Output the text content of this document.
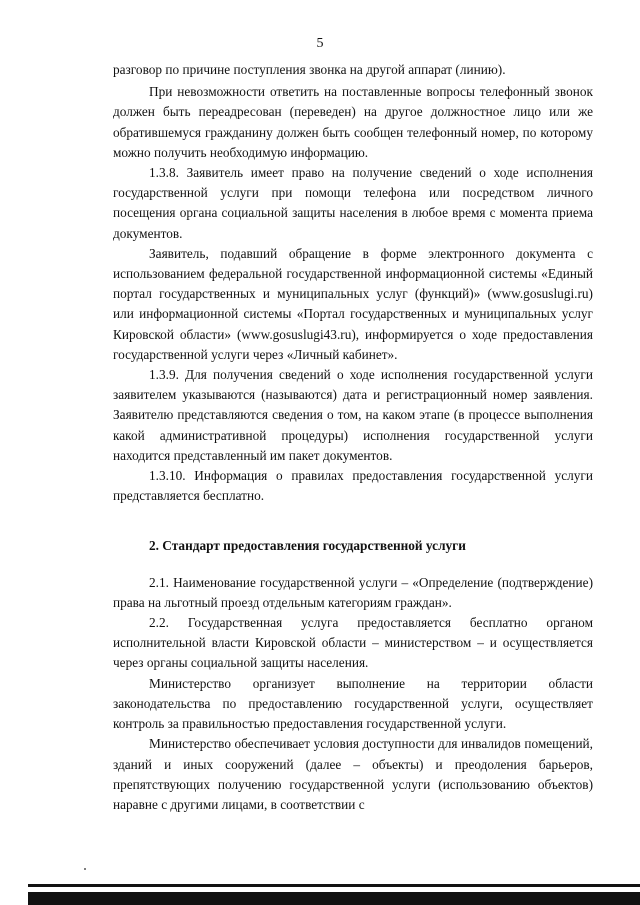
5

разговор по причине поступления звонка на другой аппарат (линию).

При невозможности ответить на поставленные вопросы телефонный звонок должен быть переадресован (переведен) на другое должностное лицо или же обратившемуся гражданину должен быть сообщен телефонный номер, по которому можно получить необходимую информацию.

1.3.8. Заявитель имеет право на получение сведений о ходе исполнения государственной услуги при помощи телефона или посредством личного посещения органа социальной защиты населения в любое время с момента приема документов.

Заявитель, подавший обращение в форме электронного документа с использованием федеральной государственной информационной системы «Единый портал государственных и муниципальных услуг (функций)» (www.gosuslugi.ru) или информационной системы «Портал государственных и муниципальных услуг Кировской области» (www.gosuslugi43.ru), информируется о ходе предоставления государственной услуги через «Личный кабинет».

1.3.9. Для получения сведений о ходе исполнения государственной услуги заявителем указываются (называются) дата и регистрационный номер заявления. Заявителю представляются сведения о том, на каком этапе (в процессе выполнения какой административной процедуры) исполнения государственной услуги находится представленный им пакет документов.

1.3.10. Информация о правилах предоставления государственной услуги представляется бесплатно.

2. Стандарт предоставления государственной услуги

2.1. Наименование государственной услуги – «Определение (подтверждение) права на льготный проезд отдельным категориям граждан».

2.2. Государственная услуга предоставляется бесплатно органом исполнительной власти Кировской области – министерством – и осуществляется через органы социальной защиты населения.

Министерство организует выполнение на территории области законодательства по предоставлению государственной услуги, осуществляет контроль за правильностью предоставления государственной услуги.

Министерство обеспечивает условия доступности для инвалидов помещений, зданий и иных сооружений (далее – объекты) и преодоления барьеров, препятствующих получению государственной услуги (использованию объектов) наравне с другими лицами, в соответствии с
